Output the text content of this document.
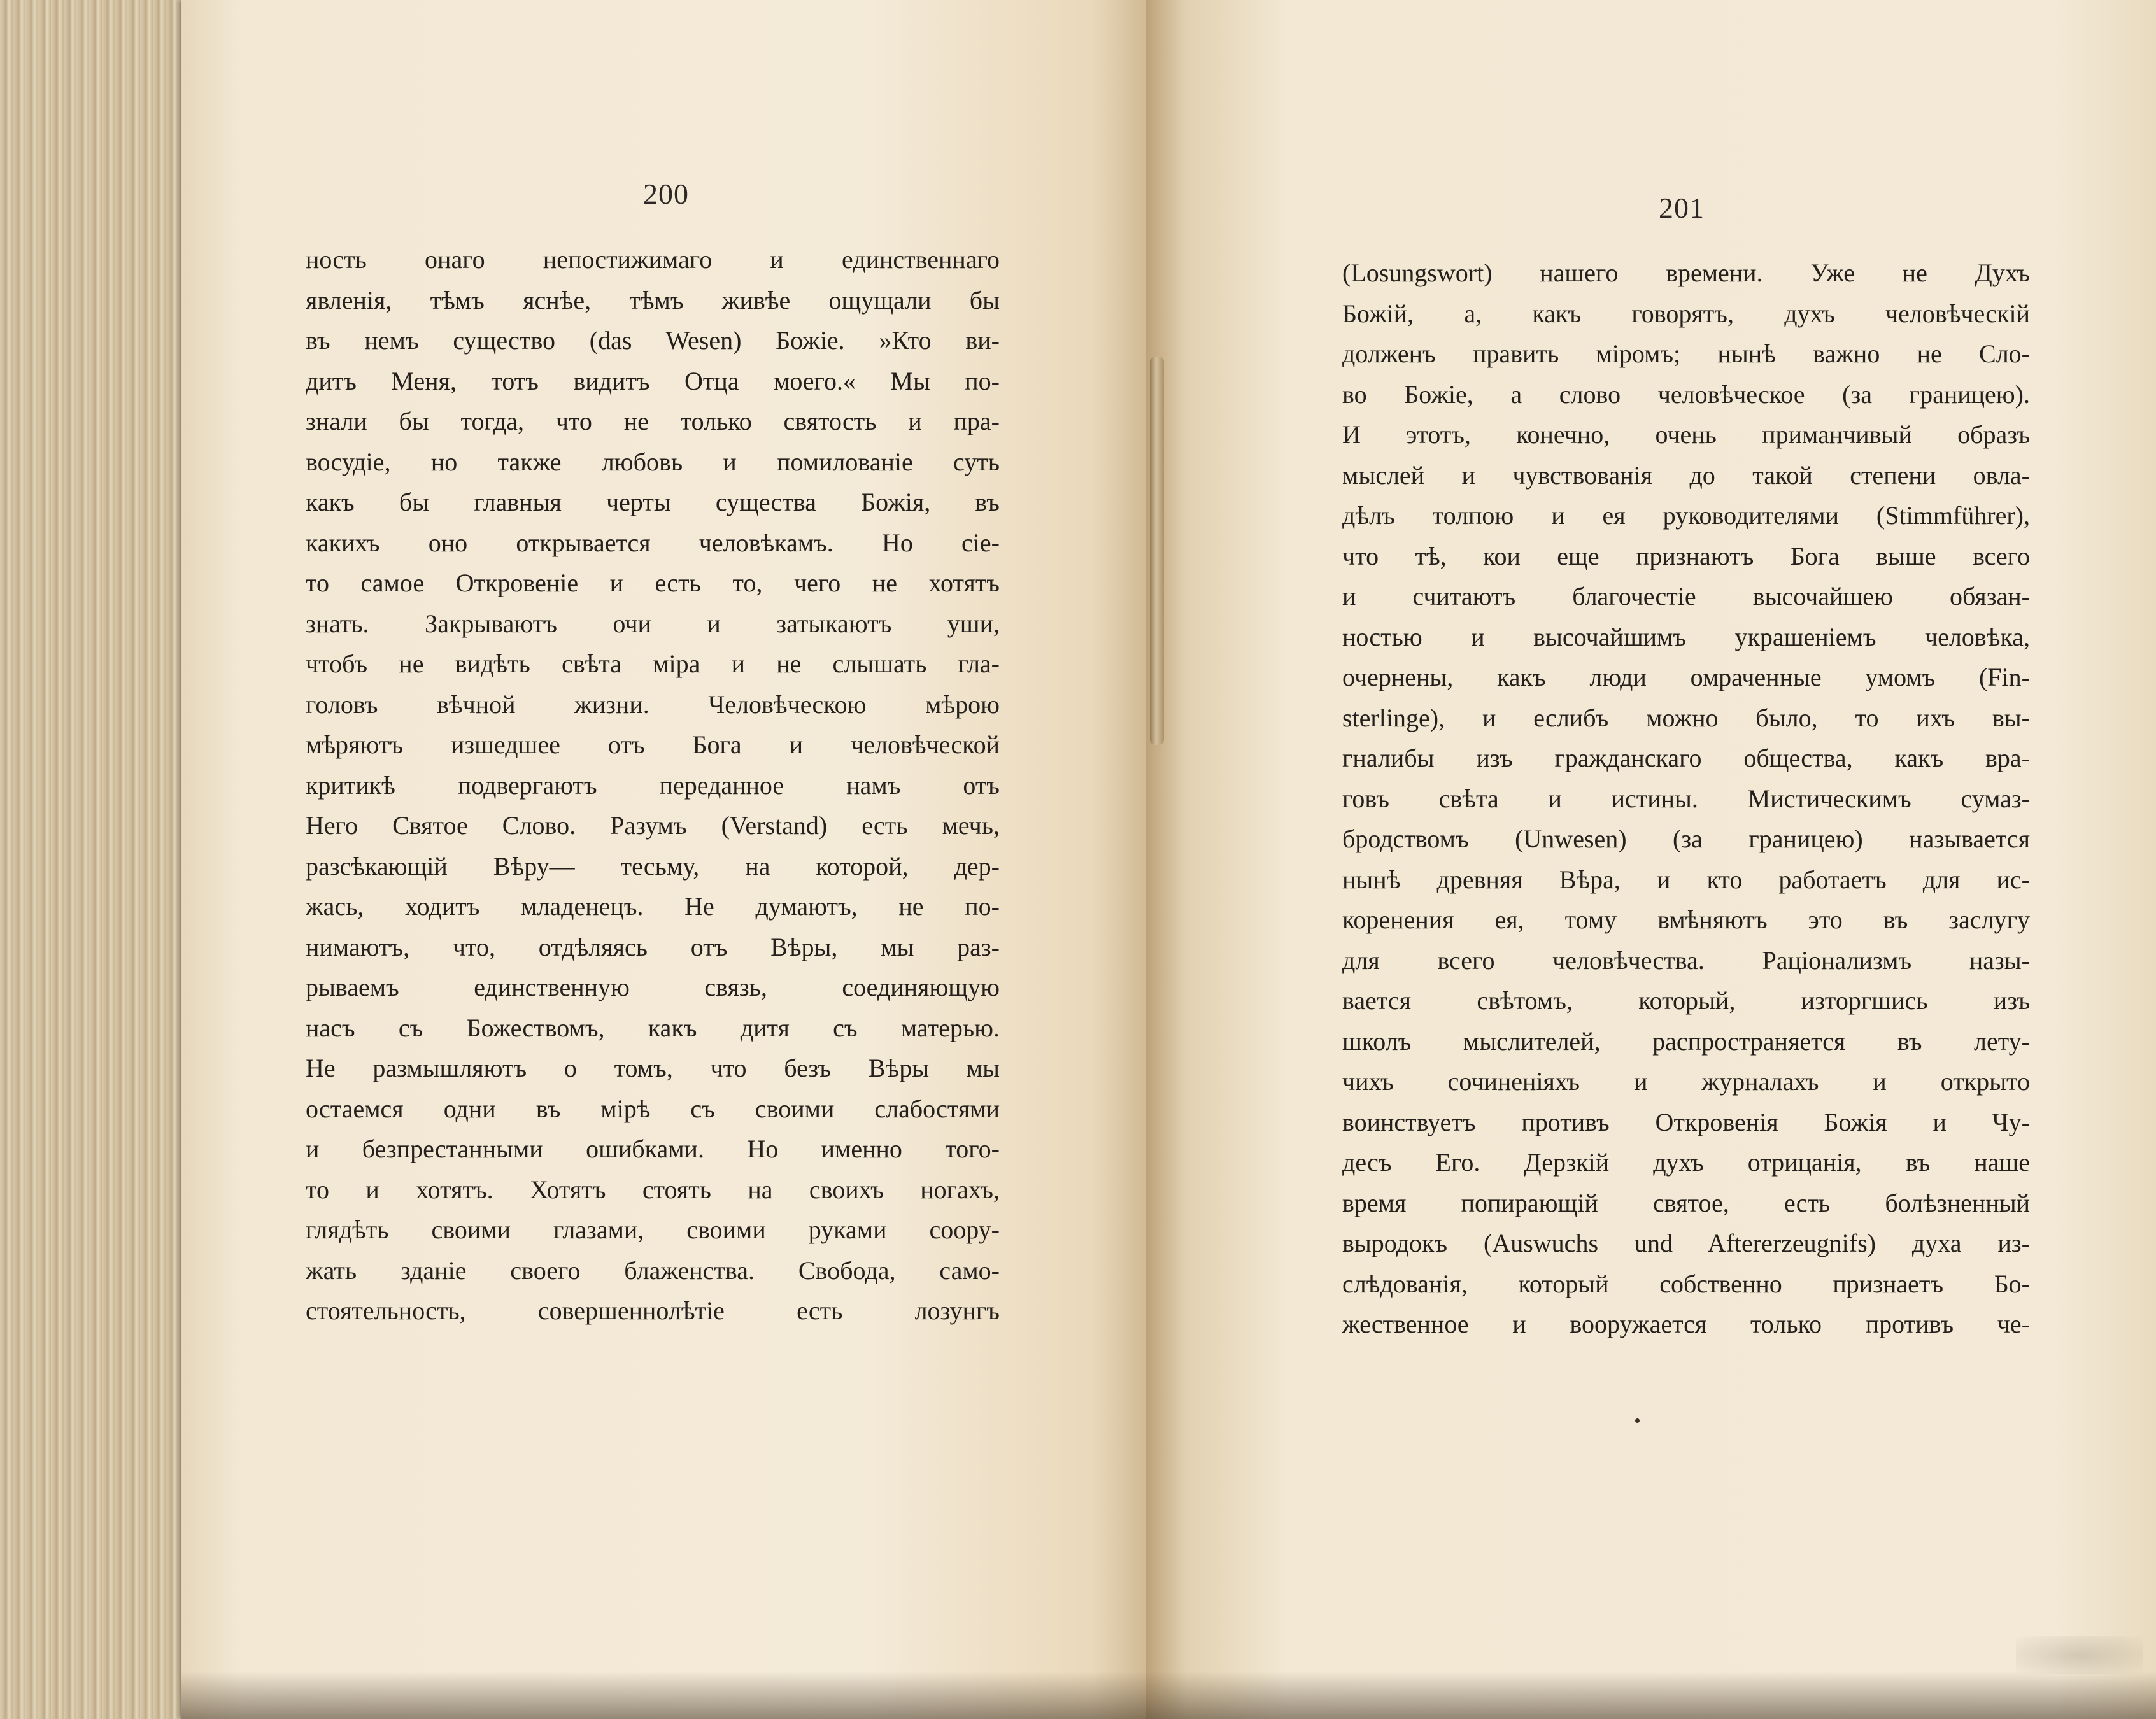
200	201
ность онаго непостижимаго и единственнаго
явленія, тѣмъ яснѣе, тѣмъ живѣе ощущали бы
въ немъ существо (das Wesen) Божіе. »Кто ви-
дитъ Меня, тотъ видитъ Отца моего.« Мы по-
знали бы тогда, что не только святость и пра-
восудіе, но также любовь и помилованіе суть
какъ бы главныя черты существа Божія, въ
какихъ оно открывается человѣкамъ. Но сіе-
то самое Откровеніе и есть то, чего не хотятъ
знать. Закрываютъ очи и затыкаютъ уши,
чтобъ не видѣть свѣта міра и не слышать гла-
головъ вѣчной жизни. Человѣческою мѣрою
мѣряютъ изшедшее отъ Бога и человѣческой
критикѣ подвергаютъ переданное намъ отъ
Него Святое Слово. Разумъ (Verstand) есть мечь,
разсѣкающій Вѣру— тесьму, на которой, дер-
жась, ходитъ младенецъ. Не думаютъ, не по-
нимаютъ, что, отдѣляясь отъ Вѣры, мы раз-
рываемъ единственную связь, соединяющую
насъ съ Божествомъ, какъ дитя съ матерью.
Не размышляютъ о томъ, что безъ Вѣры мы
остаемся одни въ мірѣ съ своими слабостями
и безпрестанными ошибками. Но именно того-
то и хотятъ. Хотятъ стоять на своихъ ногахъ,
глядѣть своими глазами, своими руками соору-
жать зданіе своего блаженства. Свобода, само-
стоятельность, совершеннолѣтіе есть лозунгъ
(Losungswort) нашего времени. Уже не Духъ
Божій, а, какъ говорятъ, духъ человѣческій
долженъ править міромъ; нынѣ важно не Сло-
во Божіе, а слово человѣческое (за границею).
И этотъ, конечно, очень приманчивый образъ
мыслей и чувствованія до такой степени овла-
дѣлъ толпою и ея руководителями (Stimmführer),
что тѣ, кои еще признаютъ Бога выше всего
и считаютъ благочестіе высочайшею обязан-
ностью и высочайшимъ украшеніемъ человѣка,
очернены, какъ люди омраченные умомъ (Fin-
sterlinge), и еслибъ можно было, то ихъ вы-
гналибы изъ гражданскаго общества, какъ вра-
говъ свѣта и истины. Мистическимъ сумаз-
бродствомъ (Unwesen) (за границею) называется
нынѣ древняя Вѣра, и кто работаетъ для ис-
коренения ея, тому вмѣняютъ это въ заслугу
для всего человѣчества. Раціонализмъ назы-
вается свѣтомъ, который, изторгшись изъ
школъ мыслителей, распространяется въ лету-
чихъ сочиненіяхъ и журналахъ и открыто
воинствуетъ противъ Откровенія Божія и Чу-
десъ Его. Дерзкій духъ отрицанія, въ наше
время попирающій святое, есть болѣзненный
выродокъ (Auswuchs und Aftererzeugnifs) духа из-
слѣдованія, который собственно признаетъ Бо-
жественное и вооружается только противъ че-
